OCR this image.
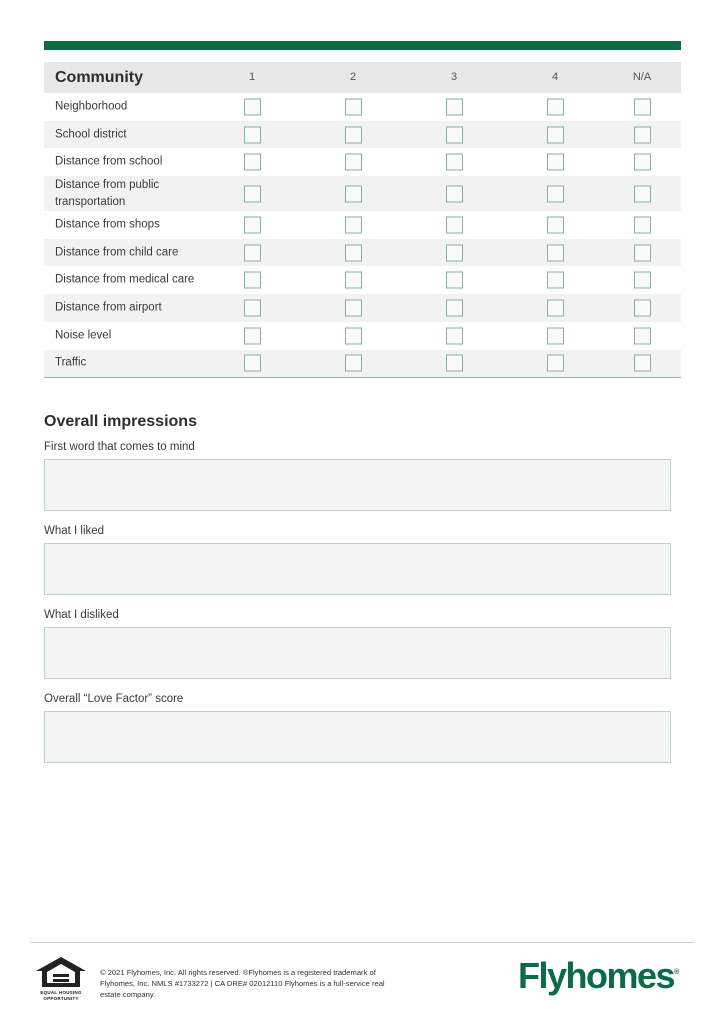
Community	1	2	3	4	N/A
Neighborhood
School district
Distance from school
Distance from public transportation
Distance from shops
Distance from child care
Distance from medical care
Distance from airport
Noise level
Traffic
Overall impressions
First word that comes to mind
What I liked
What I disliked
Overall “Love Factor” score
EQUAL HOUSING OPPORTUNITY
© 2021 Flyhomes, Inc. All rights reserved. ®Flyhomes is a registered trademark of
Flyhomes, Inc. NMLS #1733272 | CA DRE# 02012110 Flyhomes is a full-service real
estate company.	Flyhomes®
